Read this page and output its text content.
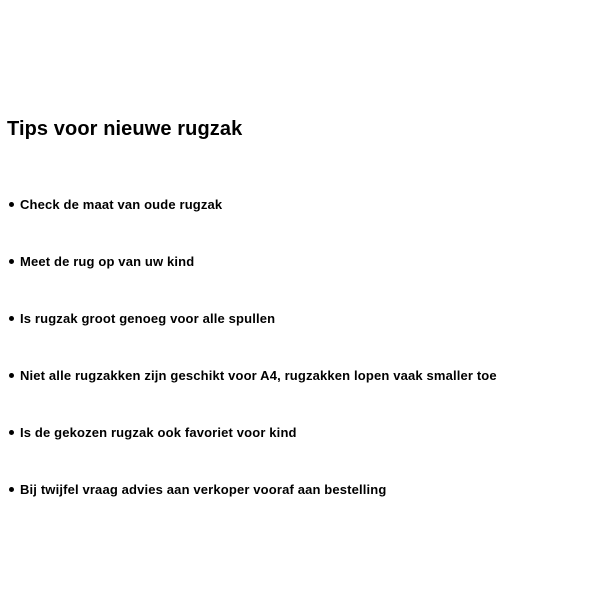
Tips voor nieuwe rugzak
Check de maat van oude rugzak
Meet de rug op van uw kind
Is rugzak groot genoeg voor alle spullen
Niet alle rugzakken zijn geschikt voor A4, rugzakken lopen vaak smaller toe
Is de gekozen rugzak ook favoriet voor kind
Bij twijfel vraag advies aan verkoper vooraf aan bestelling
